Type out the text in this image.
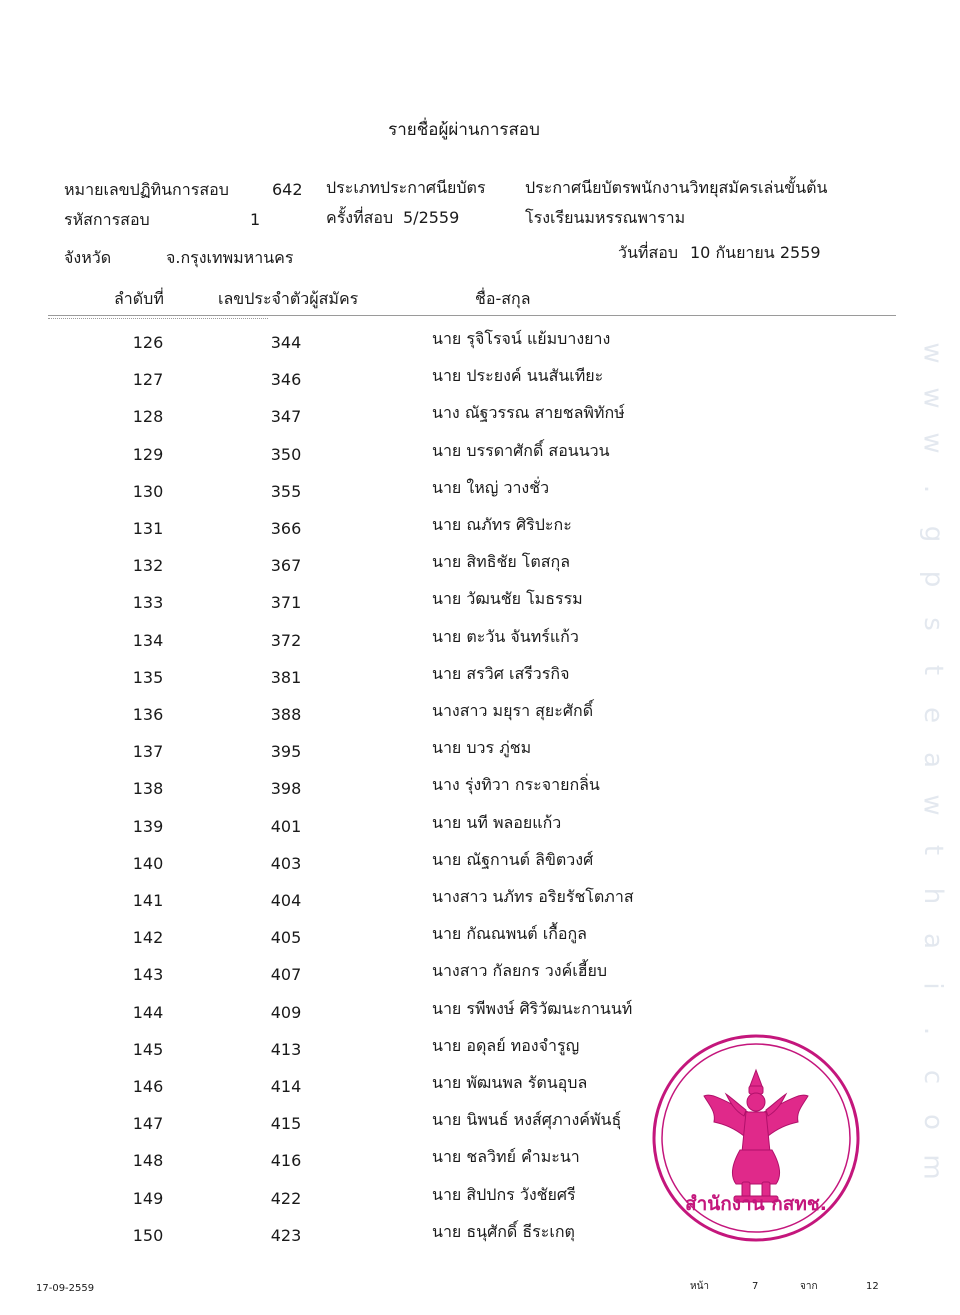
รายชื่อผู้ผ่านการสอบ
หมายเลขปฏิทินการสอบ	642 ประเภทประกาศนียบัตร ประกาศนียบัตรพนักงานวิทยุสมัครเล่นขั้นต้น
รหัสการสอบ	1	ครั้งที่สอบ 5/2559	โรงเรียนมหรรณพาราม
จังหวัด	จ.กรุงเทพมหานคร	วันที่สอบ 10 กันยายน 2559
ลำดับที่	เลขประจำตัวผู้สมัคร	ชื่อ-สกุล
126	344	นาย รุจิโรจน์ แย้มบางยาง
127	346	นาย ประยงค์ นนสันเทียะ
128	347	นาง ณัฐวรรณ สายชลพิทักษ์
129	350	นาย บรรดาศักดิ์ สอนนวน
130	355	นาย ใหญ่ วางชั่ว
131	366	นาย ณภัทร ศิริปะกะ
132	367	นาย สิทธิชัย โตสกุล
133	371	นาย วัฒนชัย โมธรรม
134	372	นาย ตะวัน จันทร์แก้ว
135	381	นาย สรวิศ เสรีวรกิจ
136	388	นางสาว มยุรา สุยะศักดิ์
137	395	นาย บวร ภู่ชม
138	398	นาง รุ่งทิวา กระจายกลิ่น
139	401	นาย นที พลอยแก้ว
140	403	นาย ณัฐกานต์ ลิขิตวงศ์
141	404	นางสาว นภัทร อริยรัชโตภาส
142	405	นาย กัณณพนต์ เกื้อกูล
143	407	นางสาว กัลยกร วงค์เฮี้ยบ
144	409	นาย รพีพงษ์ ศิริวัฒนะกานนท์
145	413	นาย อดุลย์ ทองจำรูญ
146	414	นาย พัฒนพล รัตนอุบล
147	415	นาย นิพนธ์ หงส์ศุภางค์พันธุ์
148	416	นาย ชลวิทย์ คำมะนา
149	422	นาย สิปปกร วังชัยศรี
150	423	นาย ธนุศักดิ์ ธีระเกตุ
w
w
w
.
g
p
s
t
e
a
w
t
h
a
i
.
c
o
m
สำนักงาน กสทช.
17-09-2559	หน้า	7	จาก	12
